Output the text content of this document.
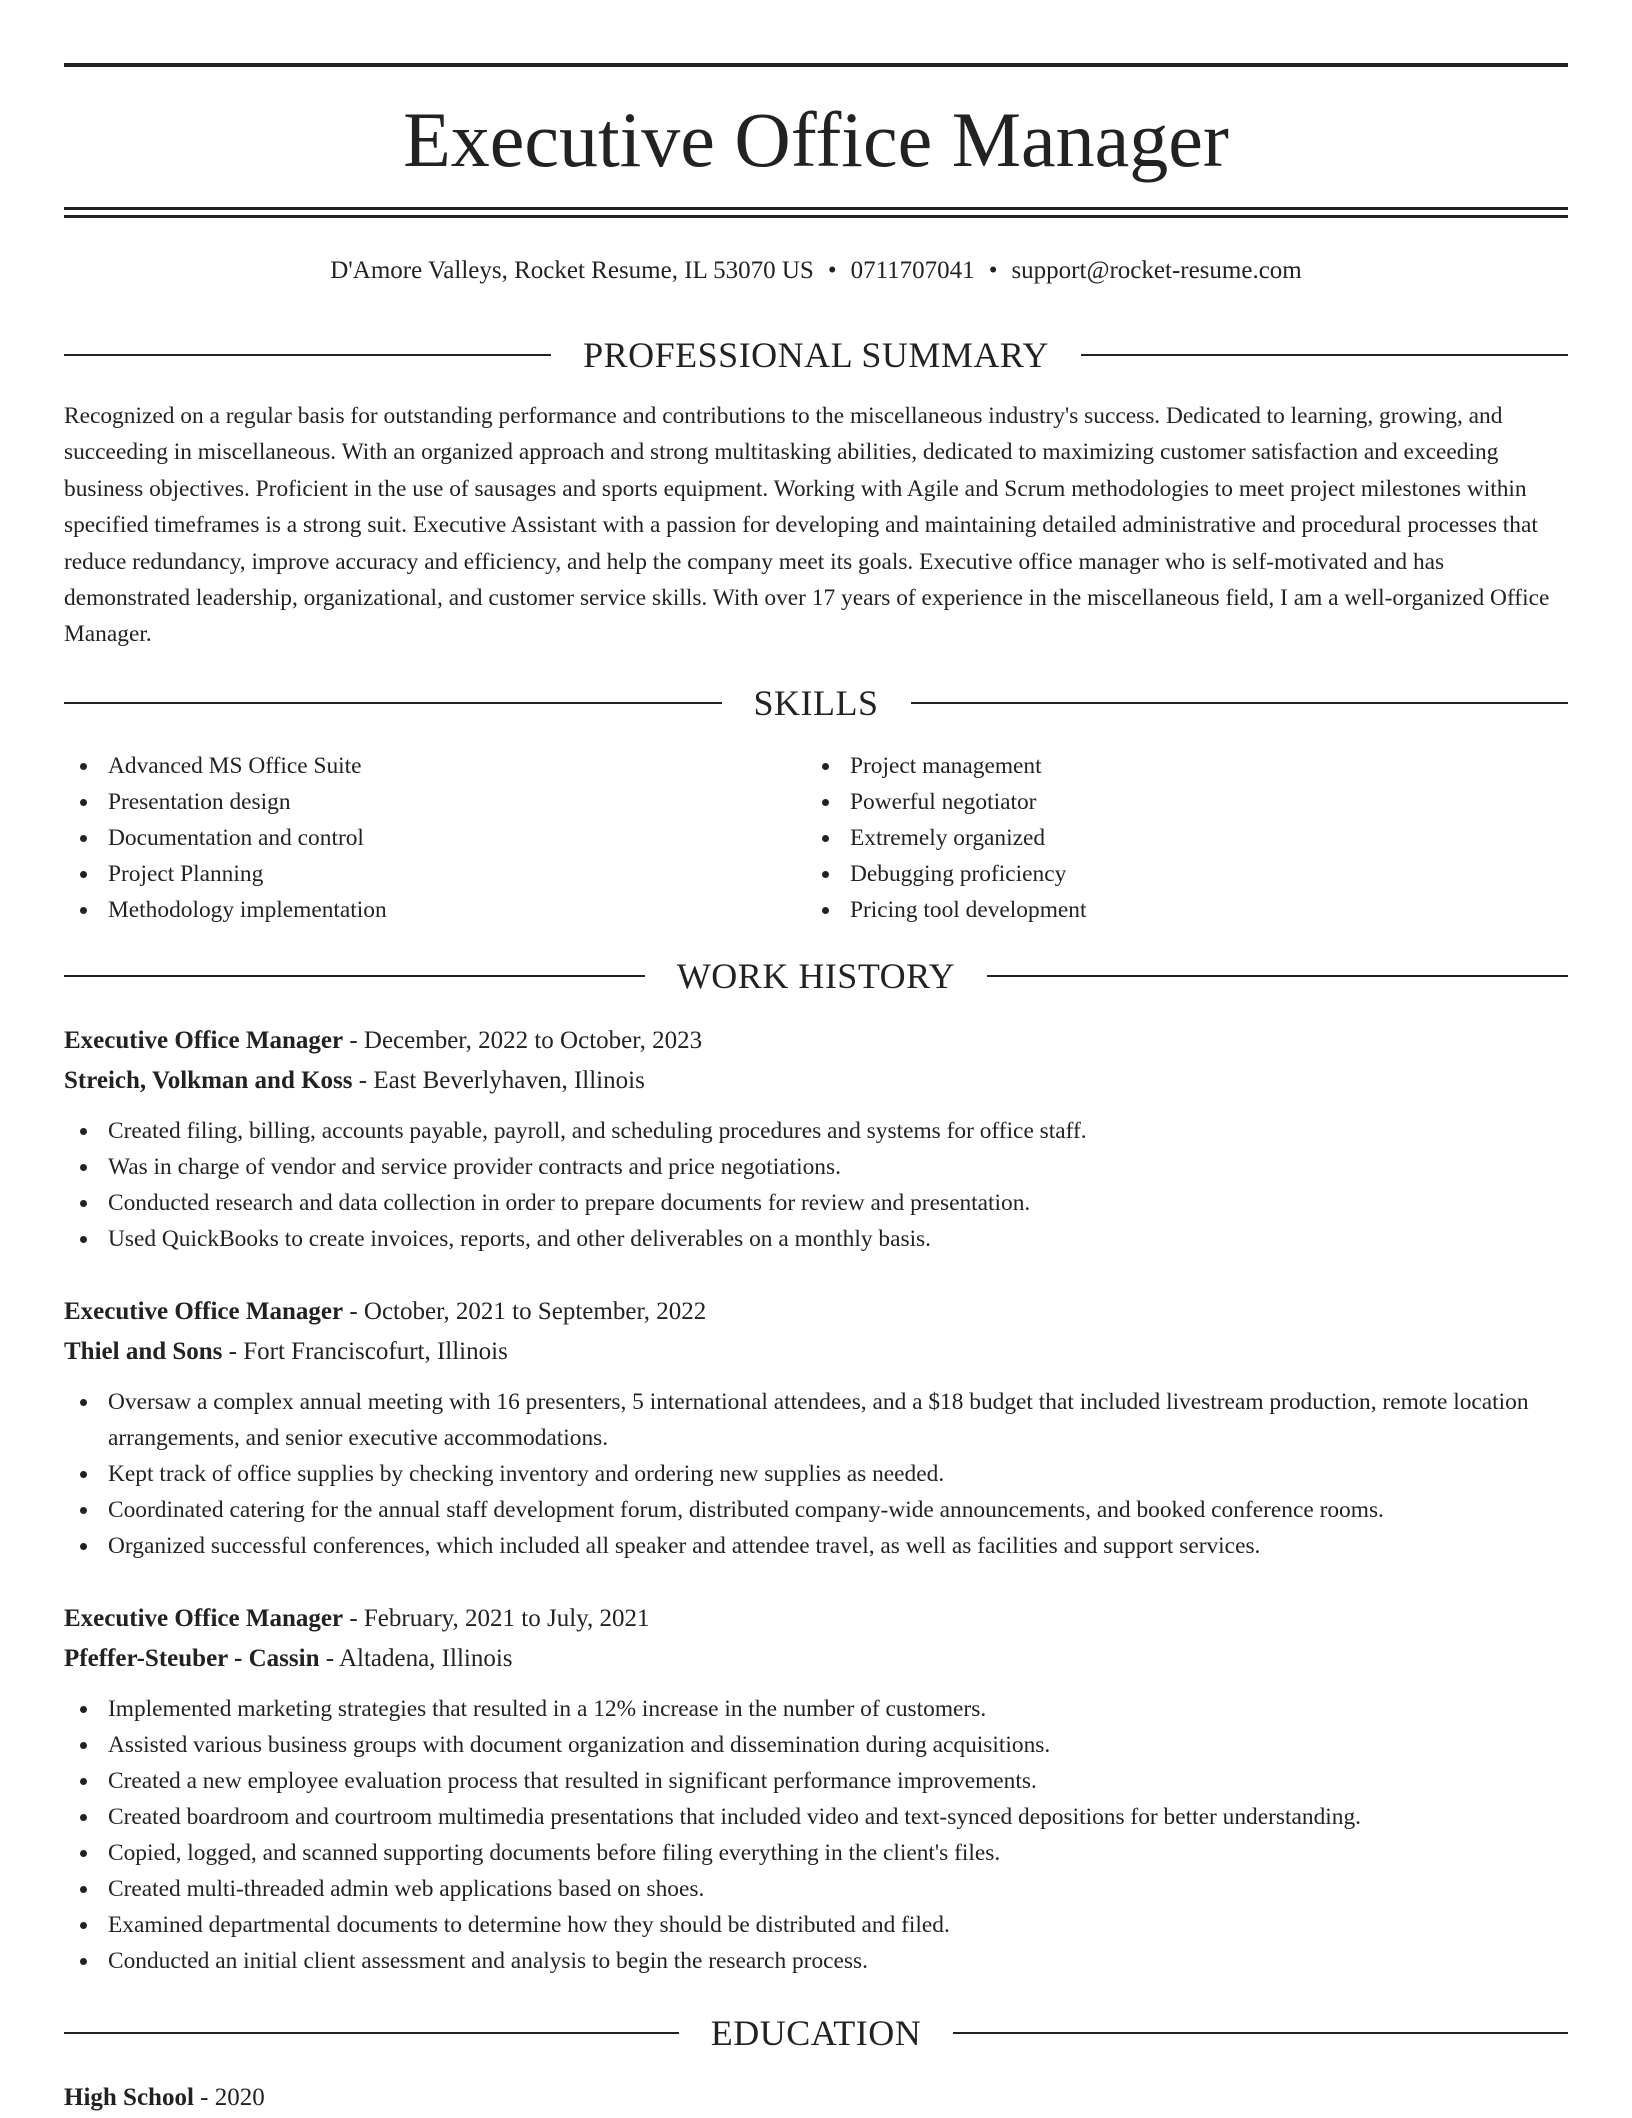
Executive Office Manager
D'Amore Valleys, Rocket Resume, IL 53070 US • 0711707041 • support@rocket-resume.com
PROFESSIONAL SUMMARY

Recognized on a regular basis for outstanding performance and contributions to the miscellaneous industry's success. Dedicated to learning, growing, and succeeding in miscellaneous. With an organized approach and strong multitasking abilities, dedicated to maximizing customer satisfaction and exceeding business objectives. Proficient in the use of sausages and sports equipment. Working with Agile and Scrum methodologies to meet project milestones within specified timeframes is a strong suit. Executive Assistant with a passion for developing and maintaining detailed administrative and procedural processes that reduce redundancy, improve accuracy and efficiency, and help the company meet its goals. Executive office manager who is self-motivated and has demonstrated leadership, organizational, and customer service skills. With over 17 years of experience in the miscellaneous field, I am a well-organized Office Manager.

SKILLS
Advanced MS Office Suite
Presentation design
Documentation and control
Project Planning
Methodology implementation
Project management
Powerful negotiator
Extremely organized
Debugging proficiency
Pricing tool development
WORK HISTORY
Executive Office Manager - December, 2022 to October, 2023
Streich, Volkman and Koss - East Beverlyhaven, Illinois
Created filing, billing, accounts payable, payroll, and scheduling procedures and systems for office staff.
Was in charge of vendor and service provider contracts and price negotiations.
Conducted research and data collection in order to prepare documents for review and presentation.
Used QuickBooks to create invoices, reports, and other deliverables on a monthly basis.
Executive Office Manager - October, 2021 to September, 2022
Thiel and Sons - Fort Franciscofurt, Illinois
Oversaw a complex annual meeting with 16 presenters, 5 international attendees, and a $18 budget that included livestream production, remote location arrangements, and senior executive accommodations.
Kept track of office supplies by checking inventory and ordering new supplies as needed.
Coordinated catering for the annual staff development forum, distributed company-wide announcements, and booked conference rooms.
Organized successful conferences, which included all speaker and attendee travel, as well as facilities and support services.
Executive Office Manager - February, 2021 to July, 2021
Pfeffer-Steuber - Cassin - Altadena, Illinois
Implemented marketing strategies that resulted in a 12% increase in the number of customers.
Assisted various business groups with document organization and dissemination during acquisitions.
Created a new employee evaluation process that resulted in significant performance improvements.
Created boardroom and courtroom multimedia presentations that included video and text-synced depositions for better understanding.
Copied, logged, and scanned supporting documents before filing everything in the client's files.
Created multi-threaded admin web applications based on shoes.
Examined departmental documents to determine how they should be distributed and filed.
Conducted an initial client assessment and analysis to begin the research process.
EDUCATION
High School - 2020
